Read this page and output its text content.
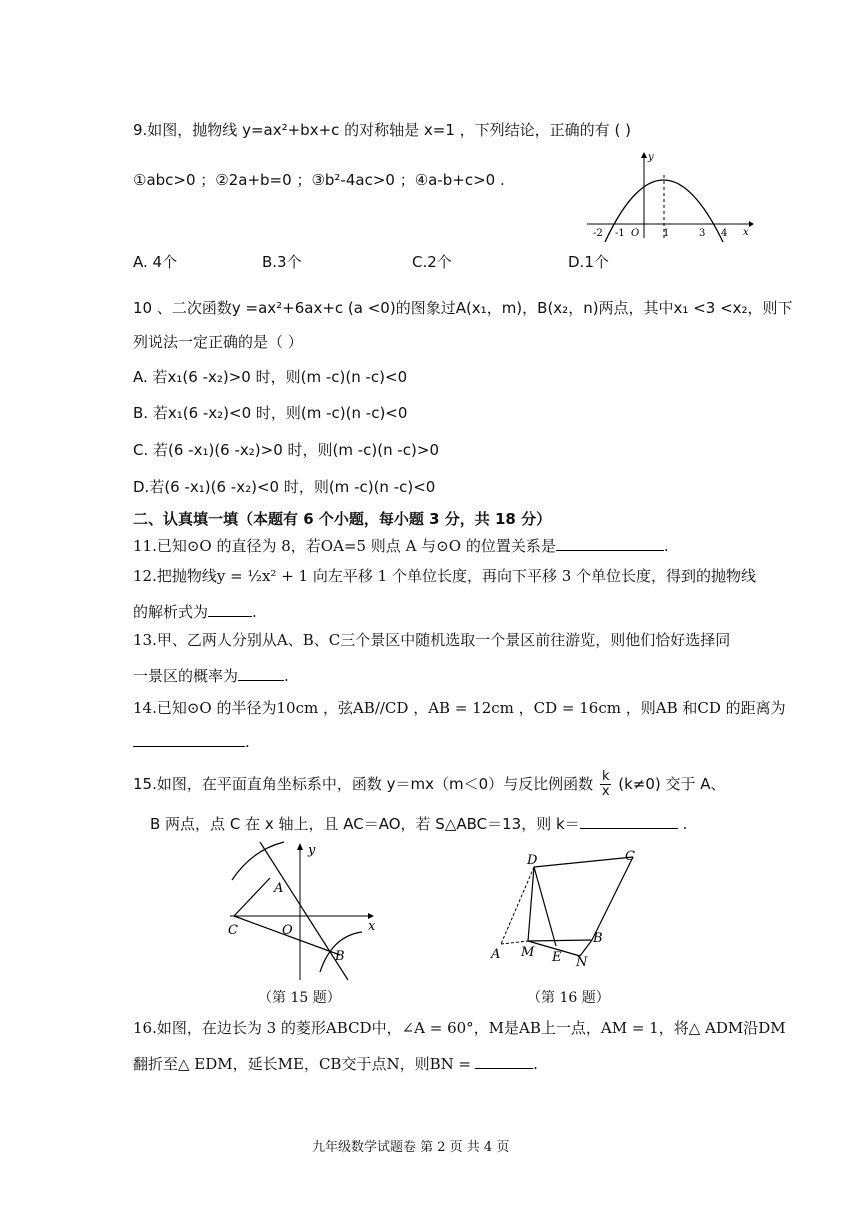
9.如图，抛物线 y=ax²+bx+c 的对称轴是 x=1 ，下列结论，正确的有 ( )
①abc>0 ；②2a+b=0 ；③b²-4ac>0 ；④a-b+c>0 .
y
x
O
-2 -1	1	3 4
A. 4个	B.3个	C.2个	D.1个
10 、二次函数y =ax²+6ax+c (a <0)的图象过A(x₁，m)，B(x₂，n)两点，其中x₁ <3 <x₂，则下
列说法一定正确的是（ ）
A. 若x₁(6 -x₂)>0 时，则(m -c)(n -c)<0
B. 若x₁(6 -x₂)<0 时，则(m -c)(n -c)<0
C. 若(6 -x₁)(6 -x₂)>0 时，则(m -c)(n -c)>0
D.若(6 -x₁)(6 -x₂)<0 时，则(m -c)(n -c)<0
二、认真填一填（本题有 6 个小题，每小题 3 分，共 18 分）
11.已知⊙O 的直径为 8，若OA=5 则点 A 与⊙O 的位置关系是	.
12.把抛物线y = ½x² + 1 向左平移 1 个单位长度，再向下平移 3 个单位长度，得到的抛物线
的解析式为	.
13.甲、乙两人分别从A、B、C三个景区中随机选取一个景区前往游览，则他们恰好选择同
一景区的概率为	.
14.已知⊙O 的半径为10cm ，弦AB//CD ，AB = 12cm ，CD = 16cm ，则AB 和CD 的距离为
.
15.如图，在平面直角坐标系中，函数 y＝mx（m＜0）与反比例函数 $\frac{k}{x} (k\ne 0)$ 交于 A、
B 两点，点 C 在 x 轴上，且 AC＝AO，若 S△ABC＝13，则 k＝	.
y
x
A
C	O
B
（第 15 题）
D	C
A M E N
B
（第 16 题）
16.如图，在边长为 3 的菱形ABCD中，∠A = 60°，M是AB上一点，AM = 1，将△ ADM沿DM
翻折至△ EDM，延长ME，CB交于点N，则BN =	.
九年级数学试题卷 第 2 页 共 4 页
